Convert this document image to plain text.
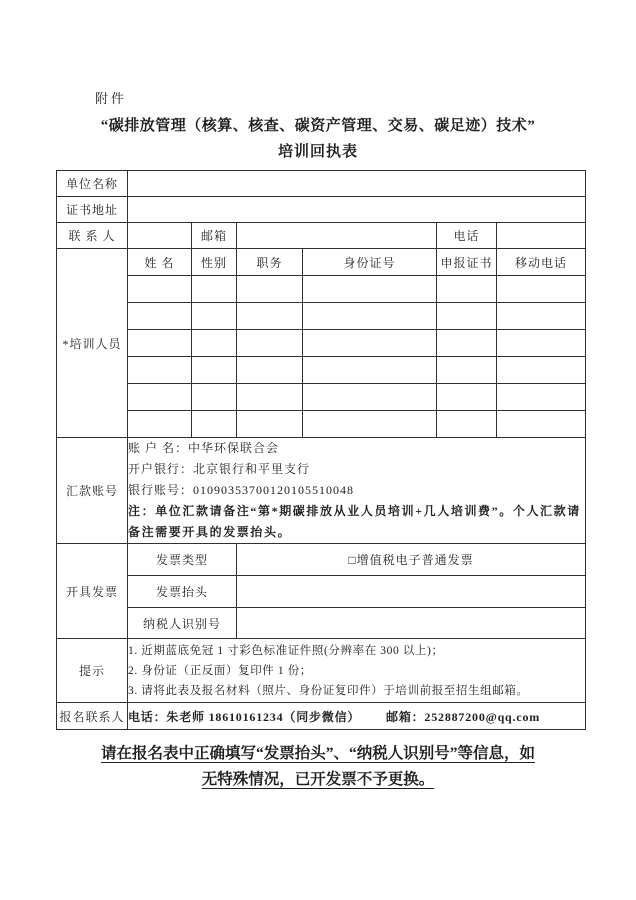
附件
“碳排放管理（核算、核查、碳资产管理、交易、碳足迹）技术”
培训回执表
单位名称						
证书地址						
联 系 人		邮箱			电话	
*培训人员	姓 名	性别	职务	身份证号	申报证书	移动电话

汇款账号	账 户 名：中华环保联合会
开户银行：北京银行和平里支行
银行账号：01090353700120105510048
注：单位汇款请备注“第*期碳排放从业人员培训+几人培训费”。个人汇款请备注需要开具的发票抬头。					

开具发票	发票类型		□增值税电子普通发票			
	发票抬头					
	纳税人识别号					
提示	1. 近期蓝底免冠 1 寸彩色标准证件照(分辨率在 300 以上)；
2. 身份证（正反面）复印件 1 份；
3. 请将此表及报名材料（照片、身份证复印件）于培训前报至招生组邮箱。					

报名联系人	电话：朱老师 18610161234（同步微信） 邮箱：252887200@qq.com					
请在报名表中正确填写“发票抬头”、“纳税人识别号”等信息，如
无特殊情况，已开发票不予更换。
